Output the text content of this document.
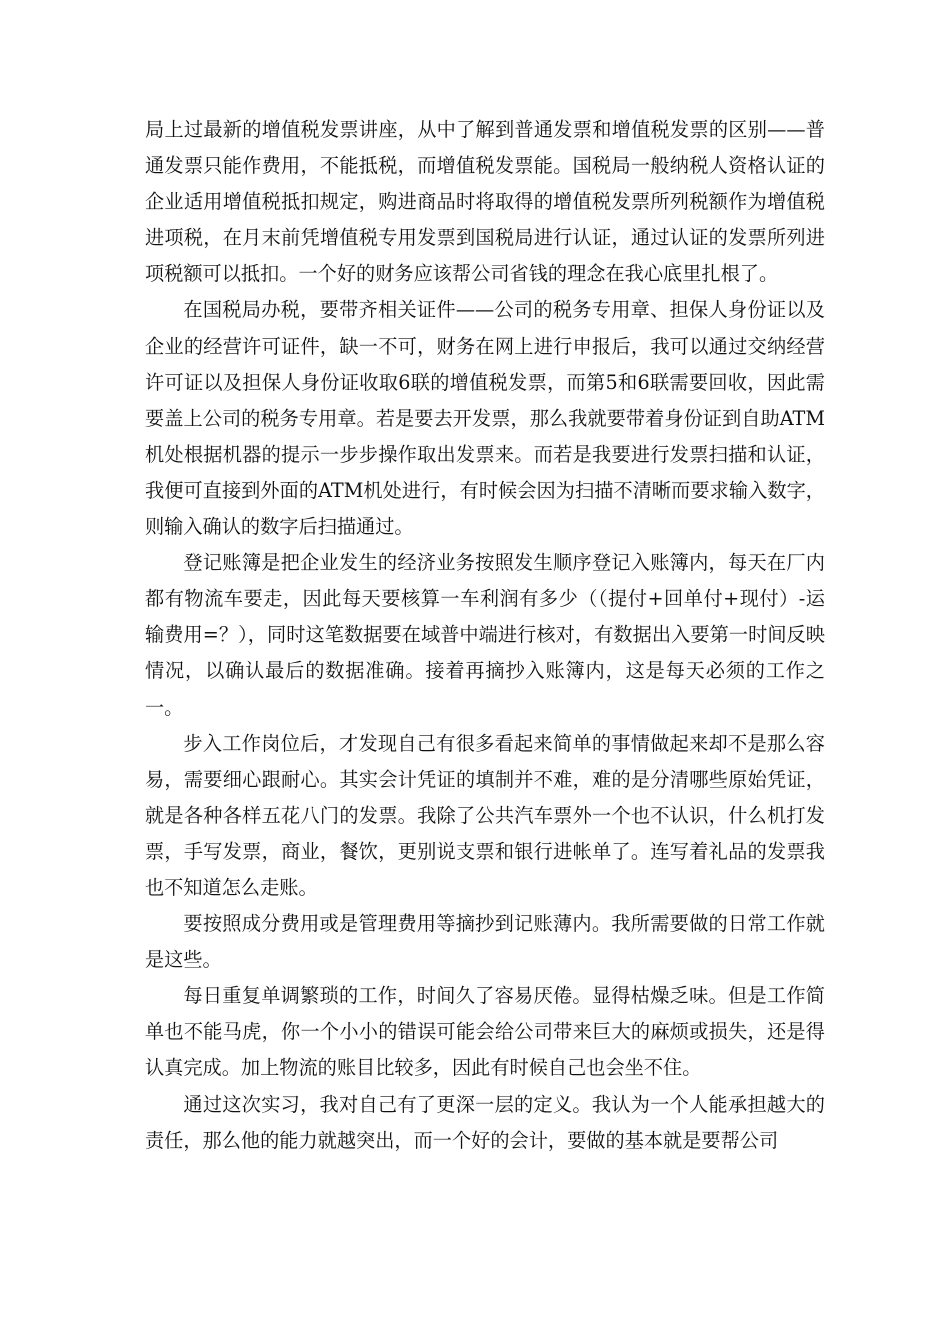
局上过最新的增值税发票讲座，从中了解到普通发票和增值税发票的区别——普通发票只能作费用，不能抵税，而增值税发票能。国税局一般纳税人资格认证的企业适用增值税抵扣规定，购进商品时将取得的增值税发票所列税额作为增值税进项税，在月末前凭增值税专用发票到国税局进行认证，通过认证的发票所列进项税额可以抵扣。一个好的财务应该帮公司省钱的理念在我心底里扎根了。

在国税局办税，要带齐相关证件——公司的税务专用章、担保人身份证以及企业的经营许可证件，缺一不可，财务在网上进行申报后，我可以通过交纳经营许可证以及担保人身份证收取6联的增值税发票，而第5和6联需要回收，因此需要盖上公司的税务专用章。若是要去开发票，那么我就要带着身份证到自助ATM机处根据机器的提示一步步操作取出发票来。而若是我要进行发票扫描和认证，我便可直接到外面的ATM机处进行，有时候会因为扫描不清晰而要求输入数字，则输入确认的数字后扫描通过。

登记账簿是把企业发生的经济业务按照发生顺序登记入账簿内，每天在厂内都有物流车要走，因此每天要核算一车利润有多少（（提付+回单付+现付）-运输费用=？），同时这笔数据要在域普中端进行核对，有数据出入要第一时间反映情况，以确认最后的数据准确。接着再摘抄入账簿内，这是每天必须的工作之一。

步入工作岗位后，才发现自己有很多看起来简单的事情做起来却不是那么容易，需要细心跟耐心。其实会计凭证的填制并不难，难的是分清哪些原始凭证，就是各种各样五花八门的发票。我除了公共汽车票外一个也不认识，什么机打发票，手写发票，商业，餐饮，更别说支票和银行进帐单了。连写着礼品的发票我也不知道怎么走账。

要按照成分费用或是管理费用等摘抄到记账薄内。我所需要做的日常工作就是这些。

每日重复单调繁琐的工作，时间久了容易厌倦。显得枯燥乏味。但是工作简单也不能马虎，你一个小小的错误可能会给公司带来巨大的麻烦或损失，还是得认真完成。加上物流的账目比较多，因此有时候自己也会坐不住。

通过这次实习，我对自己有了更深一层的定义。我认为一个人能承担越大的责任，那么他的能力就越突出，而一个好的会计，要做的基本就是要帮公司
